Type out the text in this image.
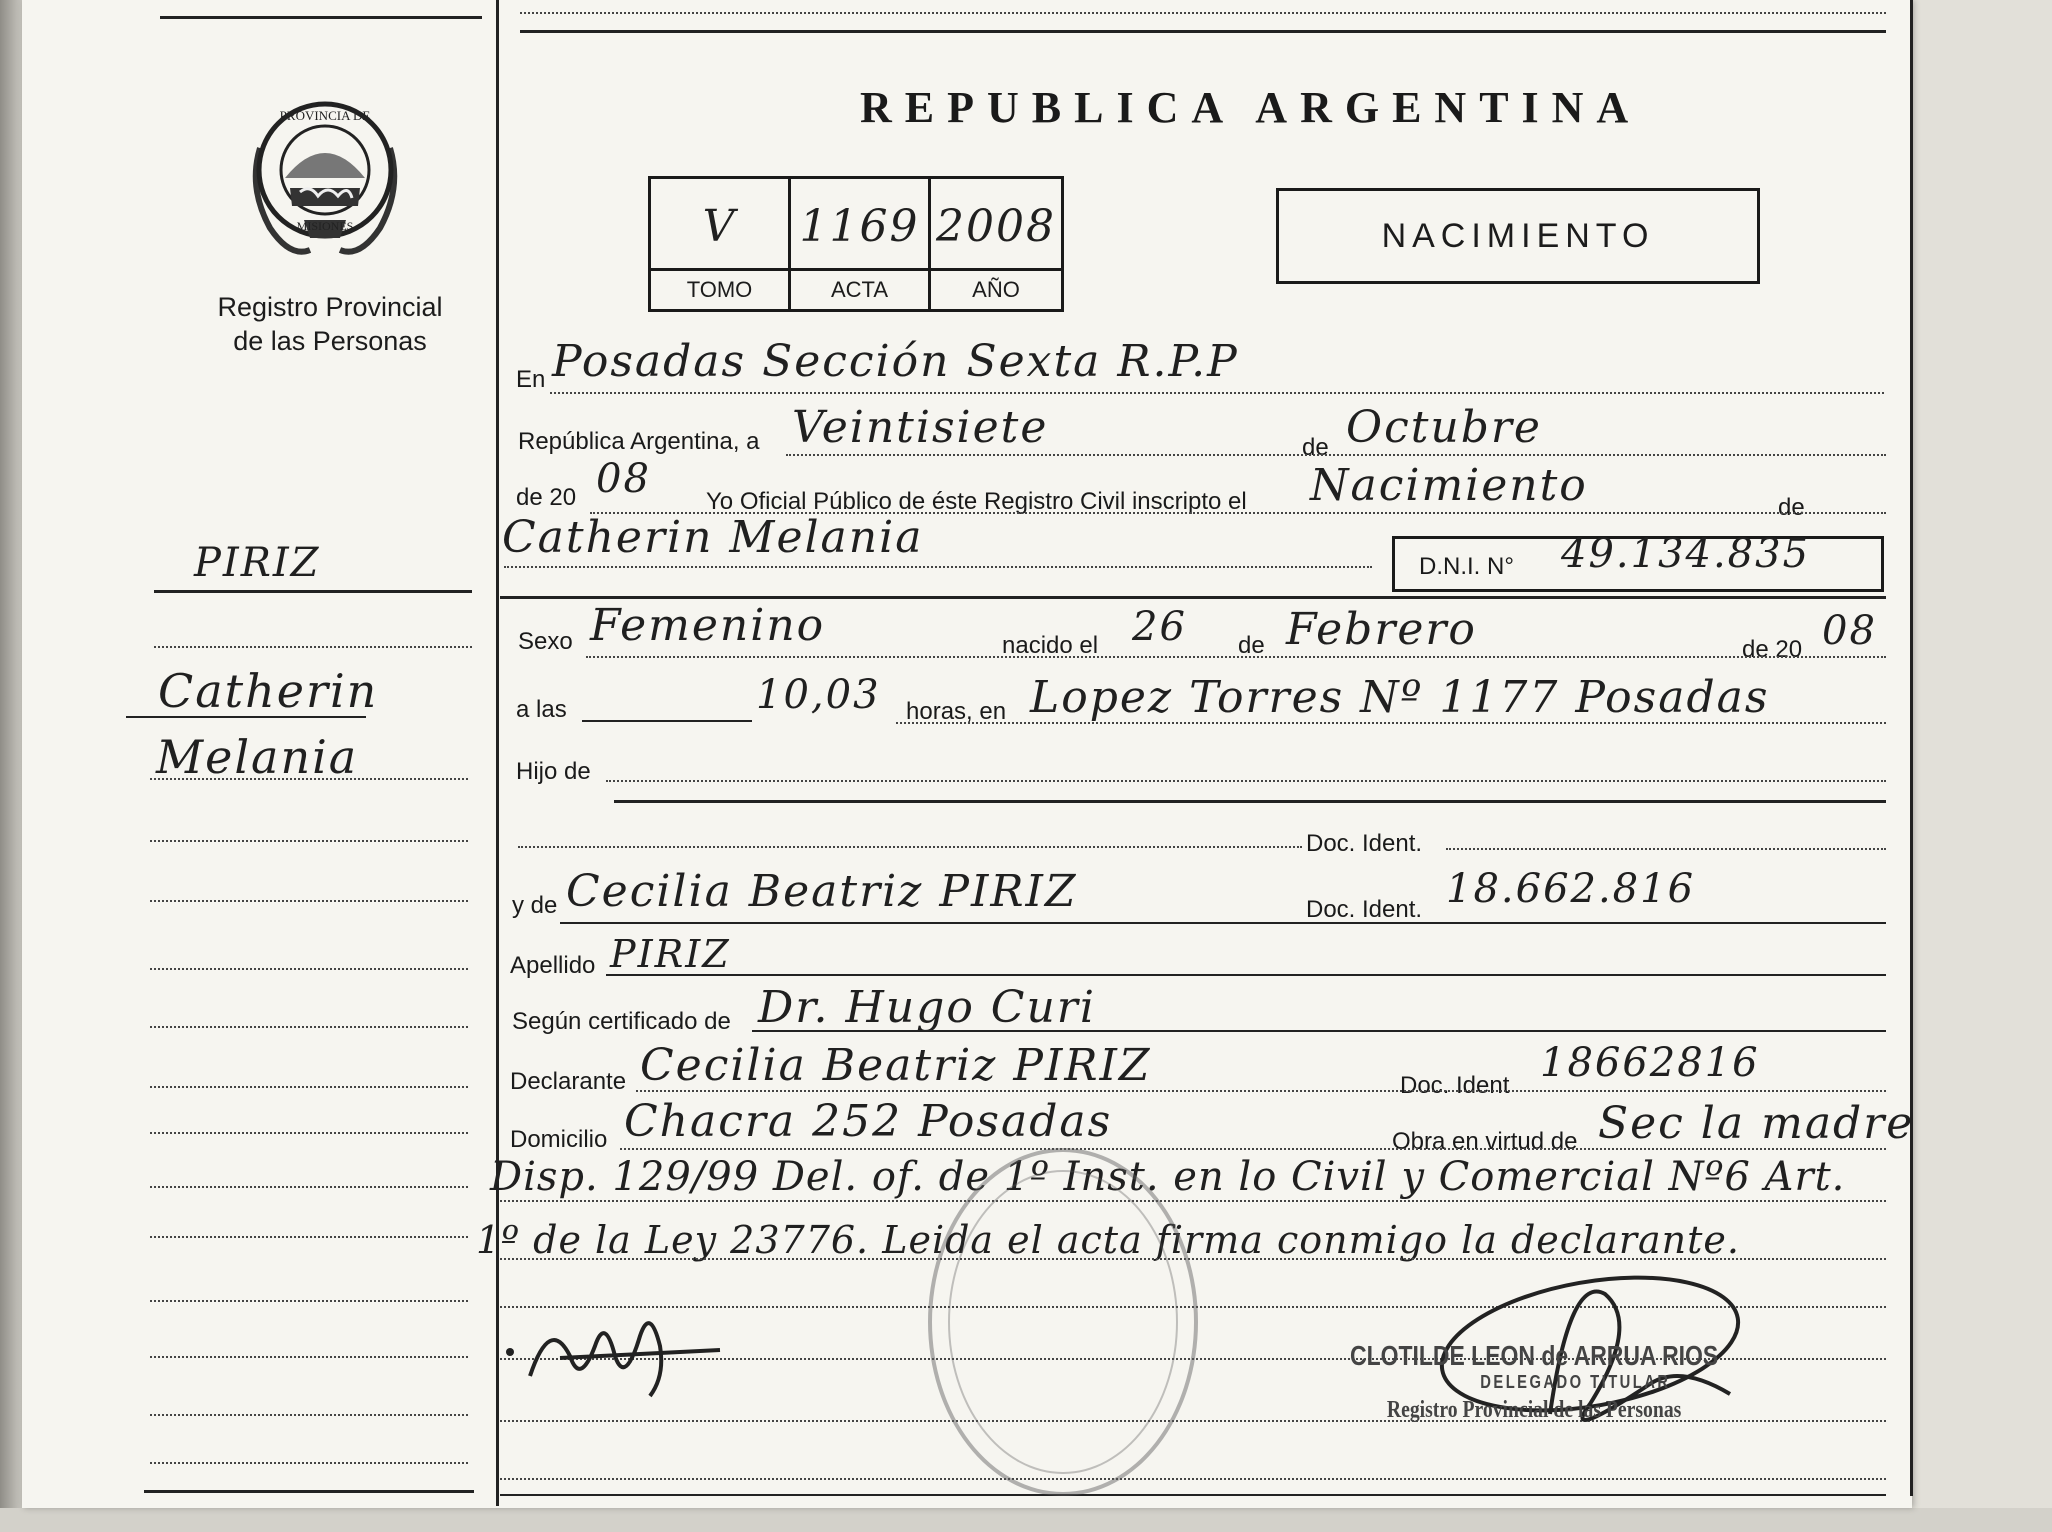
PROVINCIA DE
MISIONES
Registro Provincial
de las Personas
PIRIZ
Catherin
Melania
REPUBLICA ARGENTINA
V	1169 2008
TOMO	ACTA	AÑO
NACIMIENTO
En Posadas Sección Sexta R.P.P
República Argentina, a Veintisiete	de Octubre
de 20 08 Yo Oficial Público de éste Registro Civil inscripto el Nacimiento	de
Catherin Melania
D.N.I. N° 49.134.835
Sexo Femenino	nacido el 26 de Febrero	de 20 08
a las	10,03 horas, en Lopez Torres Nº 1177 Posadas
Hijo de
Doc. Ident.
y de Cecilia Beatriz PIRIZ	Doc. Ident. 18.662.816
Apellido PIRIZ
Según certificado de Dr. Hugo Curi
Declarante Cecilia Beatriz PIRIZ	Doc. Ident 18662816
Domicilio Chacra 252 Posadas	Obra en virtud de Sec la madre
Disp. 129/99 Del. of. de 1º Inst. en lo Civil y Comercial Nº6 Art.
1º de la Ley 23776. Leida el acta firma conmigo la declarante.
CLOTILDE LEON de ARRUA RIOS
DELEGADO TITULAR
Registro Provincial de las Personas
